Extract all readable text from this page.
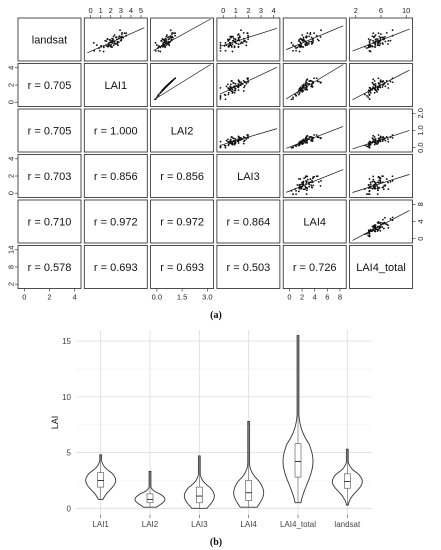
landsat
r = 0.705	LAI1
r = 0.705 r = 1.000	LAI2
r = 0.703 r = 0.856 r = 0.856	LAI3
r = 0.710 r = 0.972 r = 0.972 r = 0.864	LAI4
r = 0.578 r = 0.693 r = 0.693 r = 0.503 r = 0.726 LAI4_total
0 1 2 3 4 5	0 1 2 3 4	2	6	10
0	2	4	0.0 1.5 3.0	0 2 4 6 8
0
2
4
0
2
4
2
8
14
0.0
1.0
2.0
0
4
8
(a)
0
5
10
15
LAI
LAI1	LAI2	LAI3	LAI4	LAI4_total landsat
(b)
